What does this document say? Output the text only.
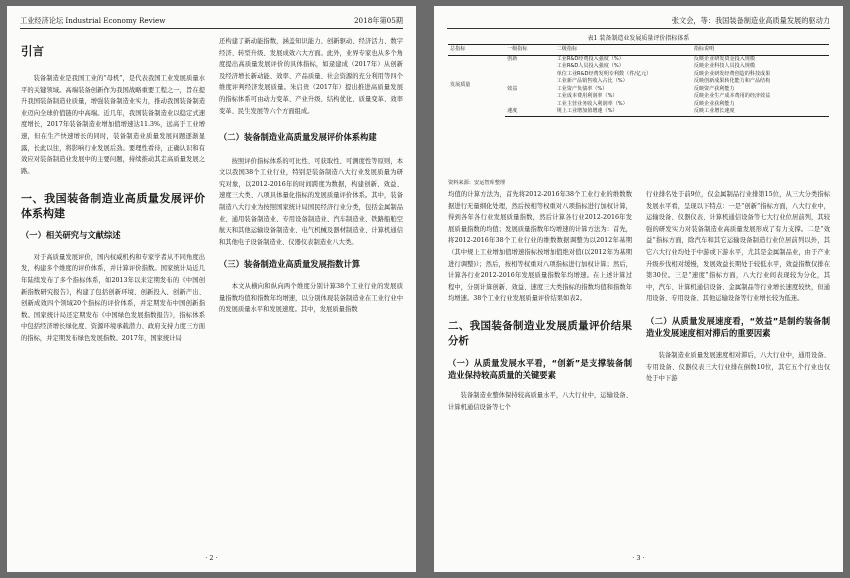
工业经济论坛 Industrial Economy Review	2018年第05期
引言

装备制造业是我国工业的“母机”，是代表我国工业发展质量水平的关键领域。高端装备创新作为我国战略重要工程之一，旨在提升我国装备制造业质量，增强装备制造业实力，推动我国装备制造业迈向全球价值链的中高端。近几年，我国装备制造业以稳定式速度增长，2017年装备制造业增加值增速达11.3%，远高于工业增速，但在生产快速增长的同时，装备制造业质量发展问题逐渐显露，长此以往，将影响行业发展后劲。要理性看待，正确认识和有效应对装备制造业发展中的主要问题，持续推动其走高质量发展之路。

一、我国装备制造业高质量发展评价体系构建
（一）相关研究与文献综述

对于高质量发展评价，国内权威机构和专家学者从不同角度出发，构建多个维度的评价体系，并计算评价指数。国家统计局近几年陆续发布了多个指标体系，如2013年以来定期发布的《中国创新指数研究报告》，构建了包括创新环境、创新投入、创新产出、创新成效四个领域20个指标的评价体系，并定期发布中国创新指数。国家统计局还定期发布《中国绿色发展指数报告》，指标体系中包括经济增长绿化度、资源环境承载潜力、政府支持力度三方面的指标，并定期发布绿色发展指数。2017年，国家统计局

还构建了新动能指数，涵盖知识能力、创新驱动、经济活力、数字经济、转型升级、发展成效六大方面。此外，业界专家也从多个角度提出高质量发展评价的具体指标，如逯建成（2017年）从创新及经济增长新动能、效率、产品质量、社会资源的充分利用等四个维度评判经济发展质量。朱启贵（2017年）提出推进高质量发展的指标体系可由动力变革、产业升级、结构优化、质量变革、效率变革、民生发展等六个方面组成。

（二）装备制造业高质量发展评价体系构建

按照评价指标体系的可比性、可获取性、可测度性等原则，本文以我国38个工业行业，特别是装备制造八大行业发展质量为研究对象，以2012-2016年的时间跨度为数据，构建创新、效益、速度三大类、八项具体量化指标的发展质量评价体系。其中，装备制造八大行业为按照国家统计局国民经济行业分类，包括金属制品业、通用装备制造业、专用设备制造业、汽车制造业、铁路船舶空航天和其他运输设备制造业、电气机械及器材制造业、计算机通信和其他电子设备制造业、仪器仪表制造业八大类。

（三）装备制造业高质量发展指数计算

本文从横向和纵向两个维度分别计算38个工业行业的发展质量指数均值和指数年均增速，以分别体现装备制造业在工业行业中的发展质量水平和发展速度。其中，发展质量指数

· 2 ·
张文会，等：我国装备制造业高质量发展的驱动力
表1 装备制造业发展质量评价指标体系
总指标	一级指标	二级指标	指标说明
发展质量	创新	工业R&D经费投入强度（%）	反映企业研发资金投入规模
		工业R&D人员投入强度（%）	反映企业科技人员投入规模
		单位工业R&D经费发明专利数（件/亿元）	反映企业研发经费创造的科技成果
		工业新产品销售收入占比（%）	反映创新成果转化能力和产品结构
	效益	工业资产负债率（%）	反映资产获利能力
		工业成本费用利润率（%）	反映企业生产成本费用的经济效益
		工业主营业务收入利润率（%）	反映企业获利能力
	速度	规上工业增加值增速（%）	反映工业增长速度
资料来源：安运智库整理

均值的计算方法为，首先将2012-2016年38个工业行业的维数数据进行无量纲化处理，然后按相等权重对八项指标进行加权计算，得到各年各行业发展质量指数，然后计算各行业2012-2016年发展质量指数的均值；发展质量指数年均增速的计算方法为：首先，将2012-2016年38个工业行业的维数数据调整为以2012年基期（其中规上工业增加值增速指标按增加值绝对值(以2012年为基期进行调整)）；然后，按相等权重对八项指标进行加权计算；然后，计算各行业2012-2016年发展质量指数年均增速。在上述计算过程中，分别计算创新、效益、速度三大类指标的指数均值和指数年均增速。38个工业行业发展质量评价结果如表2。

二、我国装备制造业发展质量评价结果分析
（一）从质量发展水平看，“创新”是支撑装备制造业保持较高质量的关键要素

装备制造业整体保持较高质量水平，八大行业中，运输设备、计算机通信设备等七个

行业排名处于前9位，仅金属制品行业排第15位，从三大分类指标发展水平看，呈现以下特点：一是“创新”指标方面，八大行业中，运输设备、仪器仪表、计算机通信设备等七大行业位居前列，其较强的研发实力对装备制造业高质量发展形成了有力支撑。二是“效益”指标方面，除汽车和其它运输设备制造行业位居前列以外，其它六大行业均处于中游或下游水平，尤其是金属制品业，由于产业升级步伐相对缓慢，发展效益长期处于较低水平，效益指数仅排在第30位。三是“速度”指标方面，八大行业间表现较为分化，其中，汽车、计算机通信设备、金属制品等行业增长速度较快，但通用设备、专用设备、其他运输设备等行业增长较为低迷。

（二）从质量发展速度看，“效益”是制约装备制造业发展速度相对滞后的重要因素

装备制造业质量发展速度相对滞后，八大行业中，通用设备、专用设备、仪器仪表三大行业排在倒数10位，其它五个行业也仅处于中下游

· 3 ·
